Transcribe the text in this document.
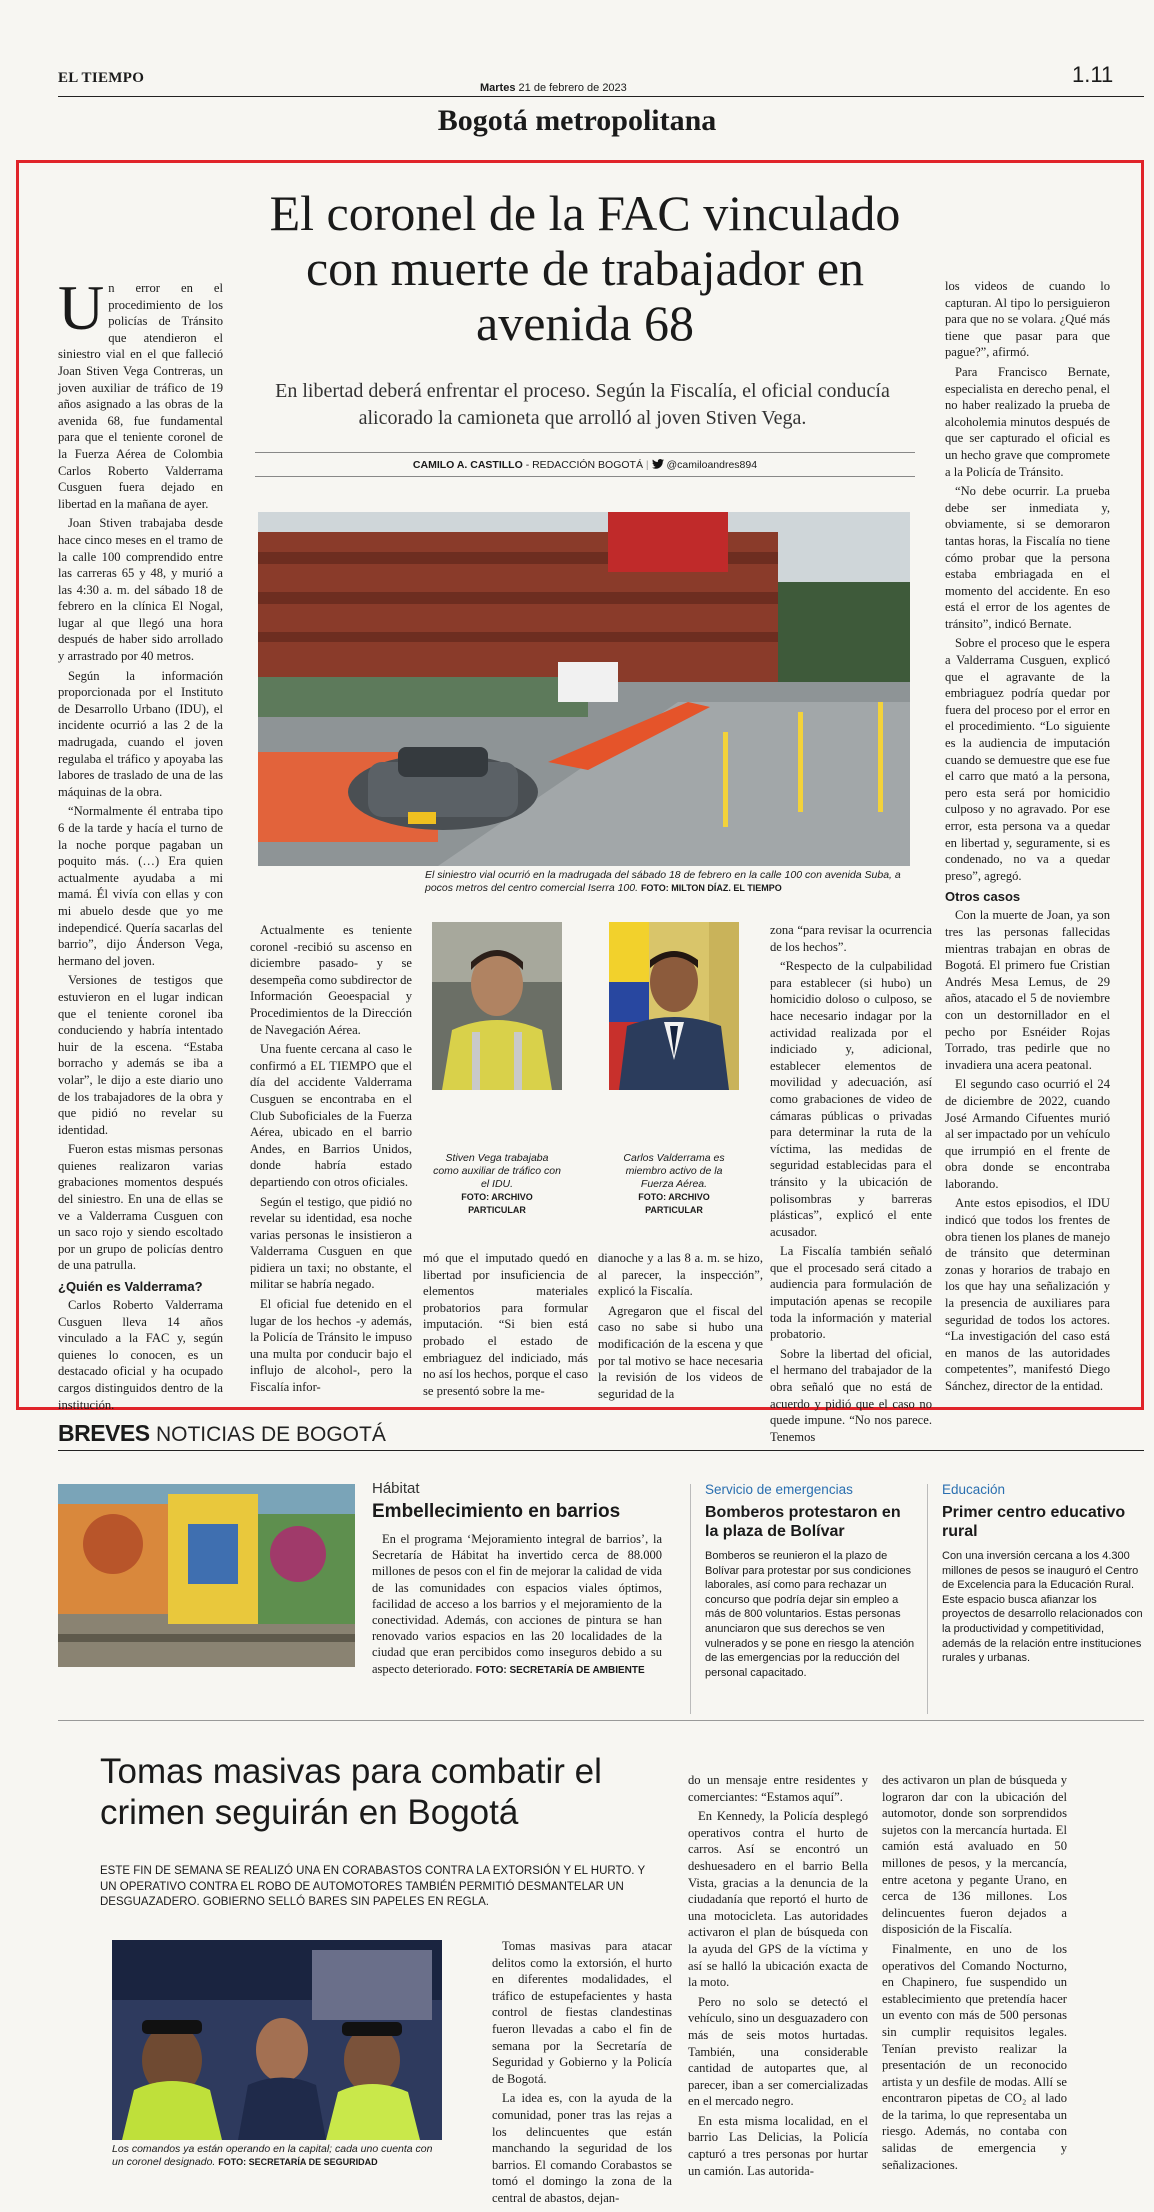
EL TIEMPO
Martes 21 de febrero de 2023
1.11
Bogotá metropolitana
El coronel de la FAC vinculado con muerte de trabajador en avenida 68
En libertad deberá enfrentar el proceso. Según la Fiscalía, el oficial conducía alicorado la camioneta que arrolló al joven Stiven Vega.
CAMILO A. CASTILLO - REDACCIÓN BOGOTÁ |  @camiloandres894
El siniestro vial ocurrió en la madrugada del sábado 18 de febrero en la calle 100 con avenida Suba, a pocos metros del centro comercial Iserra 100. FOTO: MILTON DÍAZ. EL TIEMPO
Stiven Vega trabajaba como auxiliar de tráfico con el IDU.
FOTO: ARCHIVO PARTICULAR
Carlos Valderrama es miembro activo de la Fuerza Aérea.
FOTO: ARCHIVO PARTICULAR
U n error en el procedimiento de los policías de Tránsito que atendieron el siniestro vial en el que falleció Joan Stiven Vega Contreras, un joven auxiliar de tráfico de 19 años asignado a las obras de la avenida 68, fue fundamental para que el teniente coronel de la Fuerza Aérea de Colombia Carlos Roberto Valderrama Cusguen fuera dejado en libertad en la mañana de ayer.

Joan Stiven trabajaba desde hace cinco meses en el tramo de la calle 100 comprendido entre las carreras 65 y 48, y murió a las 4:30 a. m. del sábado 18 de febrero en la clínica El Nogal, lugar al que llegó una hora después de haber sido arrollado y arrastrado por 40 metros.

Según la información proporcionada por el Instituto de Desarrollo Urbano (IDU), el incidente ocurrió a las 2 de la madrugada, cuando el joven regulaba el tráfico y apoyaba las labores de traslado de una de las máquinas de la obra.

“Normalmente él entraba tipo 6 de la tarde y hacía el turno de la noche porque pagaban un poquito más. (…) Era quien actualmente ayudaba a mi mamá. Él vivía con ellas y con mi abuelo desde que yo me independicé. Quería sacarlas del barrio”, dijo Ánderson Vega, hermano del joven.

Versiones de testigos que estuvieron en el lugar indican que el teniente coronel iba conduciendo y habría intentado huir de la escena. “Estaba borracho y además se iba a volar”, le dijo a este diario uno de los trabajadores de la obra y que pidió no revelar su identidad.

Fueron estas mismas personas quienes realizaron varias grabaciones momentos después del siniestro. En una de ellas se ve a Valderrama Cusguen con un saco rojo y siendo escoltado por un grupo de policías dentro de una patrulla.

¿Quién es Valderrama?

Carlos Roberto Valderrama Cusguen lleva 14 años vinculado a la FAC y, según quienes lo conocen, es un destacado oficial y ha ocupado cargos distinguidos dentro de la institución.

Actualmente es teniente coronel -recibió su ascenso en diciembre pasado- y se desempeña como subdirector de Información Geoespacial y Procedimientos de la Dirección de Navegación Aérea.

Una fuente cercana al caso le confirmó a EL TIEMPO que el día del accidente Valderrama Cusguen se encontraba en el Club Suboficiales de la Fuerza Aérea, ubicado en el barrio Andes, en Barrios Unidos, donde habría estado departiendo con otros oficiales.

Según el testigo, que pidió no revelar su identidad, esa noche varias personas le insistieron a Valderrama Cusguen en que pidiera un taxi; no obstante, el militar se habría negado.

El oficial fue detenido en el lugar de los hechos -y además, la Policía de Tránsito le impuso una multa por conducir bajo el influjo de alcohol-, pero la Fiscalía infor-

mó que el imputado quedó en libertad por insuficiencia de elementos materiales probatorios para formular imputación. “Si bien está probado el estado de embriaguez del indiciado, más no así los hechos, porque el caso se presentó sobre la me-

dianoche y a las 8 a. m. se hizo, al parecer, la inspección”, explicó la Fiscalía.

Agregaron que el fiscal del caso no sabe si hubo una modificación de la escena y que por tal motivo se hace necesaria la revisión de los videos de seguridad de la

zona “para revisar la ocurrencia de los hechos”.

“Respecto de la culpabilidad para establecer (si hubo) un homicidio doloso o culposo, se hace necesario indagar por la actividad realizada por el indiciado y, adicional, establecer elementos de movilidad y adecuación, así como grabaciones de video de cámaras públicas o privadas para determinar la ruta de la víctima, las medidas de seguridad establecidas para el tránsito y la ubicación de polisombras y barreras plásticas”, explicó el ente acusador.

La Fiscalía también señaló que el procesado será citado a audiencia para formulación de imputación apenas se recopile toda la información y material probatorio.

Sobre la libertad del oficial, el hermano del trabajador de la obra señaló que no está de acuerdo y pidió que el caso no quede impune. “No nos parece. Tenemos

los videos de cuando lo capturan. Al tipo lo persiguieron para que no se volara. ¿Qué más tiene que pasar para que pague?”, afirmó.

Para Francisco Bernate, especialista en derecho penal, el no haber realizado la prueba de alcoholemia minutos después de que ser capturado el oficial es un hecho grave que compromete a la Policía de Tránsito.

“No debe ocurrir. La prueba debe ser inmediata y, obviamente, si se demoraron tantas horas, la Fiscalía no tiene cómo probar que la persona estaba embriagada en el momento del accidente. En eso está el error de los agentes de tránsito”, indicó Bernate.

Sobre el proceso que le espera a Valderrama Cusguen, explicó que el agravante de la embriaguez podría quedar por fuera del proceso por el error en el procedimiento. “Lo siguiente es la audiencia de imputación cuando se demuestre que ese fue el carro que mató a la persona, pero esta será por homicidio culposo y no agravado. Por ese error, esta persona va a quedar en libertad y, seguramente, si es condenado, no va a quedar preso”, agregó.

Otros casos

Con la muerte de Joan, ya son tres las personas fallecidas mientras trabajan en obras de Bogotá. El primero fue Cristian Andrés Mesa Lemus, de 29 años, atacado el 5 de noviembre con un destornillador en el pecho por Esnéider Rojas Torrado, tras pedirle que no invadiera una acera peatonal.

El segundo caso ocurrió el 24 de diciembre de 2022, cuando José Armando Cifuentes murió al ser impactado por un vehículo que irrumpió en el frente de obra donde se encontraba laborando.

Ante estos episodios, el IDU indicó que todos los frentes de obra tienen los planes de manejo de tránsito que determinan zonas y horarios de trabajo en los que hay una señalización y la presencia de auxiliares para seguridad de todos los actores. “La investigación del caso está en manos de las autoridades competentes”, manifestó Diego Sánchez, director de la entidad.

BREVES NOTICIAS DE BOGOTÁ
Hábitat
Embellecimiento en barrios

En el programa ‘Mejoramiento integral de barrios’, la Secretaría de Hábitat ha invertido cerca de 88.000 millones de pesos con el fin de mejorar la calidad de vida de las comunidades con espacios viales óptimos, facilidad de acceso a los barrios y el mejoramiento de la conectividad. Además, con acciones de pintura se han renovado varios espacios en las 20 localidades de la ciudad que eran percibidos como inseguros debido a su aspecto deteriorado. FOTO: SECRETARÍA DE AMBIENTE

Servicio de emergencias
Bomberos protestaron en la plaza de Bolívar

Bomberos se reunieron el la plazo de Bolívar para protestar por sus condiciones laborales, así como para rechazar un concurso que podría dejar sin empleo a más de 800 voluntarios. Estas personas anunciaron que sus derechos se ven vulnerados y se pone en riesgo la atención de las emergencias por la reducción del personal capacitado.

Educación
Primer centro educativo rural

Con una inversión cercana a los 4.300 millones de pesos se inauguró el Centro de Excelencia para la Educación Rural. Este espacio busca afianzar los proyectos de desarrollo relacionados con la productividad y competitividad, además de la relación entre instituciones rurales y urbanas.

Tomas masivas para combatir el crimen seguirán en Bogotá
ESTE FIN DE SEMANA SE REALIZÓ UNA EN CORABASTOS CONTRA LA EXTORSIÓN Y EL HURTO. Y UN OPERATIVO CONTRA EL ROBO DE AUTOMOTORES TAMBIÉN PERMITIÓ DESMANTELAR UN DESGUAZADERO. GOBIERNO SELLÓ BARES SIN PAPELES EN REGLA.
Los comandos ya están operando en la capital; cada uno cuenta con un coronel designado. FOTO: SECRETARÍA DE SEGURIDAD

Tomas masivas para atacar delitos como la extorsión, el hurto en diferentes modalidades, el tráfico de estupefacientes y hasta control de fiestas clandestinas fueron llevadas a cabo el fin de semana por la Secretaría de Seguridad y Gobierno y la Policía de Bogotá.

La idea es, con la ayuda de la comunidad, poner tras las rejas a los delincuentes que están manchando la seguridad de los barrios. El comando Corabastos se tomó el domingo la zona de la central de abastos, dejan-

do un mensaje entre residentes y comerciantes: “Estamos aquí”.

En Kennedy, la Policía desplegó operativos contra el hurto de carros. Así se encontró un deshuesadero en el barrio Bella Vista, gracias a la denuncia de la ciudadanía que reportó el hurto de una motocicleta. Las autoridades activaron el plan de búsqueda con la ayuda del GPS de la víctima y así se halló la ubicación exacta de la moto.

Pero no solo se detectó el vehículo, sino un desguazadero con más de seis motos hurtadas. También, una considerable cantidad de autopartes que, al parecer, iban a ser comercializadas en el mercado negro.

En esta misma localidad, en el barrio Las Delicias, la Policía capturó a tres personas por hurtar un camión. Las autorida-

des activaron un plan de búsqueda y lograron dar con la ubicación del automotor, donde son sorprendidos sujetos con la mercancía hurtada. El camión está avaluado en 50 millones de pesos, y la mercancía, entre acetona y pegante Urano, en cerca de 136 millones. Los delincuentes fueron dejados a disposición de la Fiscalía.

Finalmente, en uno de los operativos del Comando Nocturno, en Chapinero, fue suspendido un establecimiento que pretendía hacer un evento con más de 500 personas sin cumplir requisitos legales. Tenían previsto realizar la presentación de un reconocido artista y un desfile de modas. Allí se encontraron pipetas de CO₂ al lado de la tarima, lo que representaba un riesgo. Además, no contaba con salidas de emergencia y señalizaciones.
